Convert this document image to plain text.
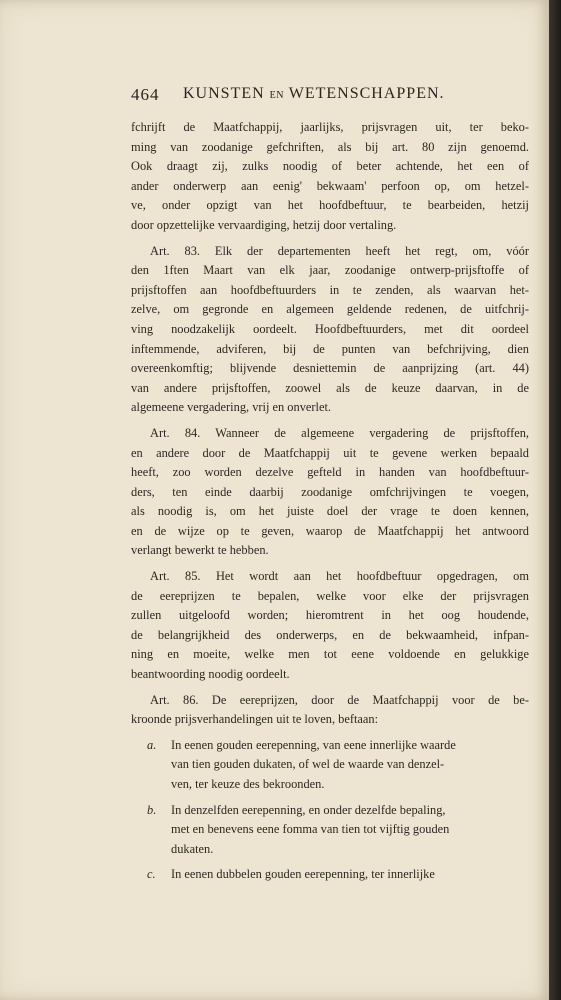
464 KUNSTEN EN WETENSCHAPPEN.
fchrijft de Maatfchappij, jaarlijks, prijsvragen uit, ter beko-
ming van zoodanige gefchriften, als bij art. 80 zijn genoemd.
Ook draagt zij, zulks noodig of beter achtende, het een of
ander onderwerp aan eenig' bekwaam' perfoon op, om hetzel-
ve, onder opzigt van het hoofdbeftuur, te bearbeiden, hetzij
door opzettelijke vervaardiging, hetzij door vertaling.
Art. 83. Elk der departementen heeft het regt, om, vóór
den 1ften Maart van elk jaar, zoodanige ontwerp-prijsftoffe of
prijsftoffen aan hoofdbeftuurders in te zenden, als waarvan het-
zelve, om gegronde en algemeen geldende redenen, de uitfchrij-
ving noodzakelijk oordeelt. Hoofdbeftuurders, met dit oordeel
inftemmende, adviferen, bij de punten van befchrijving, dien
overeenkomftig; blijvende desniettemin de aanprijzing (art. 44)
van andere prijsftoffen, zoowel als de keuze daarvan, in de
algemeene vergadering, vrij en onverlet.
Art. 84. Wanneer de algemeene vergadering de prijsftoffen,
en andere door de Maatfchappij uit te gevene werken bepaald
heeft, zoo worden dezelve gefteld in handen van hoofdbeftuur-
ders, ten einde daarbij zoodanige omfchrijvingen te voegen,
als noodig is, om het juiste doel der vrage te doen kennen,
en de wijze op te geven, waarop de Maatfchappij het antwoord
verlangt bewerkt te hebben.
Art. 85. Het wordt aan het hoofdbeftuur opgedragen, om
de eereprijzen te bepalen, welke voor elke der prijsvragen
zullen uitgeloofd worden; hieromtrent in het oog houdende,
de belangrijkheid des onderwerps, en de bekwaamheid, infpan-
ning en moeite, welke men tot eene voldoende en gelukkige
beantwoording noodig oordeelt.
Art. 86. De eereprijzen, door de Maatfchappij voor de be-
kroonde prijsverhandelingen uit te loven, beftaan:
a. In eenen gouden eerepenning, van eene innerlijke waarde
van tien gouden dukaten, of wel de waarde van denzel-
ven, ter keuze des bekroonden.
b. In denzelfden eerepenning, en onder dezelfde bepaling,
met en benevens eene fomma van tien tot vijftig gouden
dukaten.
c. In eenen dubbelen gouden eerepenning, ter innerlijke
